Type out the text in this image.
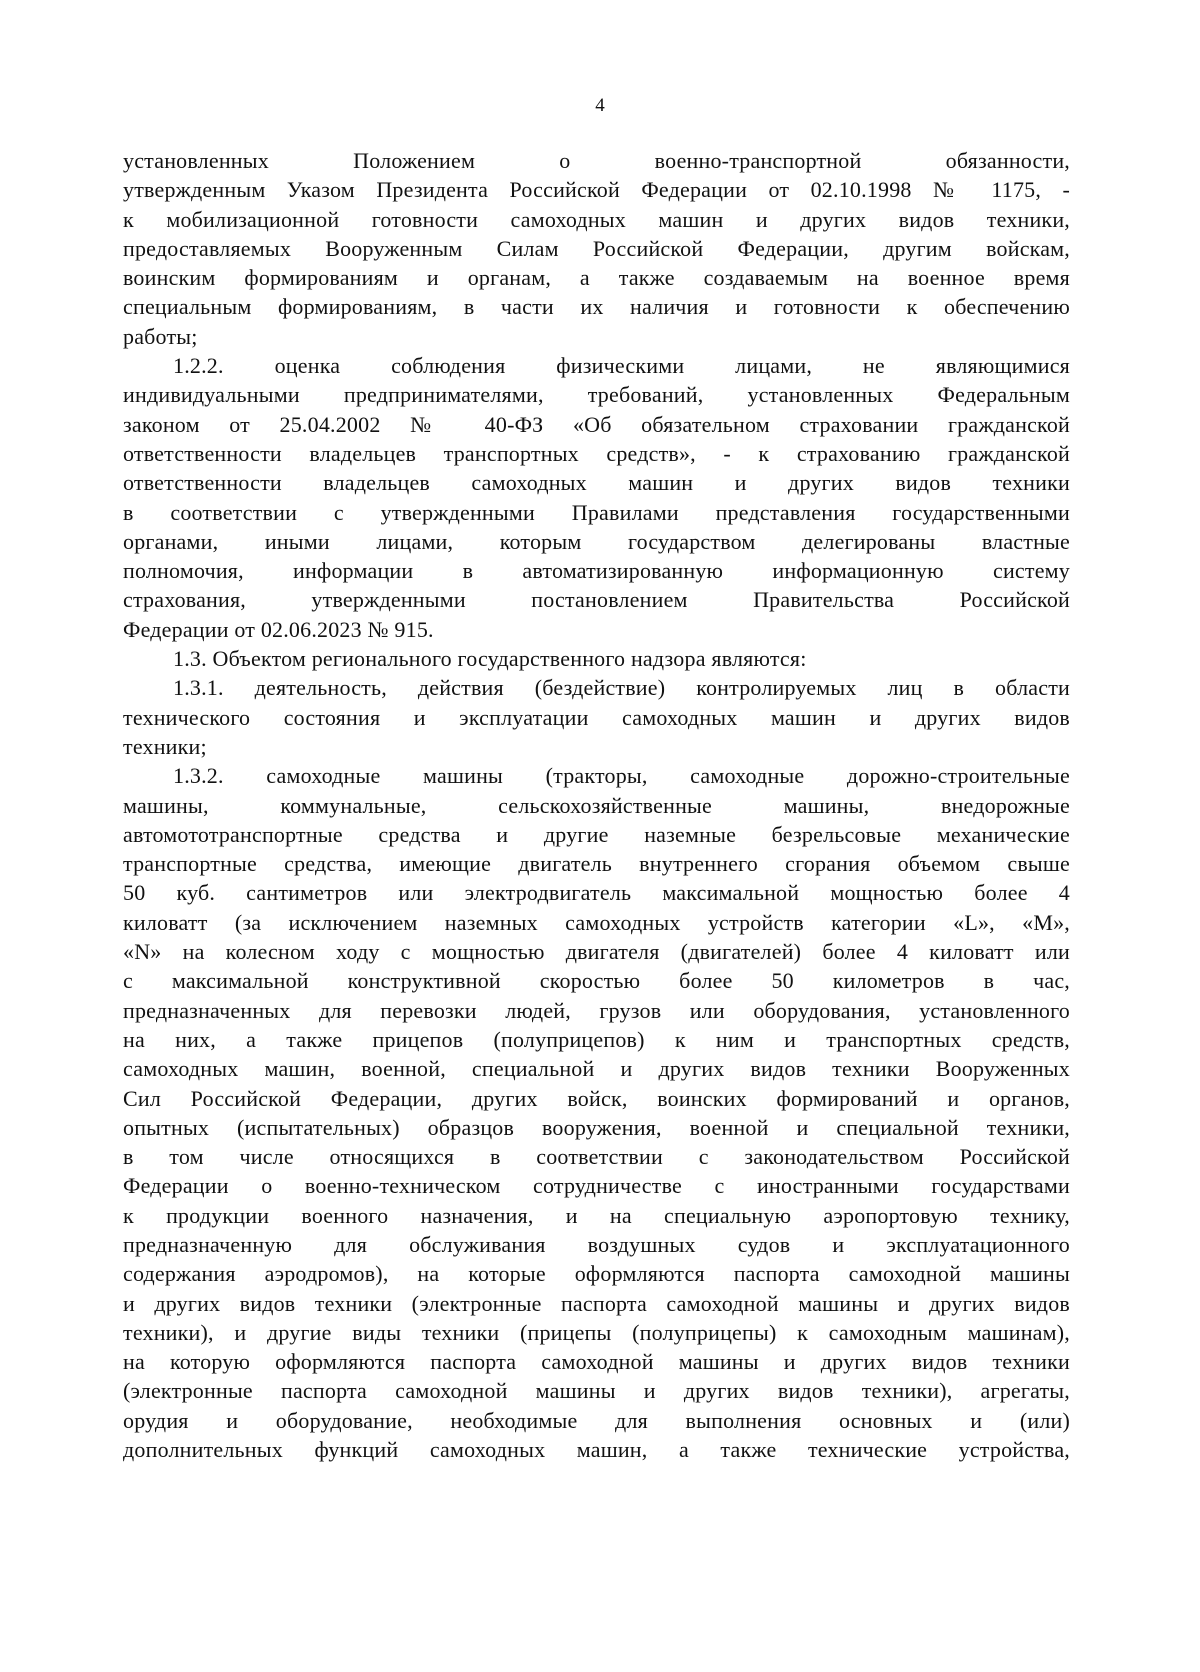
4
установленных Положением о военно-транспортной обязанности,
утвержденным Указом Президента Российской Федерации от 02.10.1998 № 1175, -
к мобилизационной готовности самоходных машин и других видов техники,
предоставляемых Вооруженным Силам Российской Федерации, другим войскам,
воинским формированиям и органам, а также создаваемым на военное время
специальным формированиям, в части их наличия и готовности к обеспечению
работы;
1.2.2. оценка соблюдения физическими лицами, не являющимися
индивидуальными предпринимателями, требований, установленных Федеральным
законом от 25.04.2002 № 40-ФЗ «Об обязательном страховании гражданской
ответственности владельцев транспортных средств», - к страхованию гражданской
ответственности владельцев самоходных машин и других видов техники
в соответствии с утвержденными Правилами представления государственными
органами, иными лицами, которым государством делегированы властные
полномочия, информации в автоматизированную информационную систему
страхования, утвержденными постановлением Правительства Российской
Федерации от 02.06.2023 № 915.
1.3. Объектом регионального государственного надзора являются:
1.3.1. деятельность, действия (бездействие) контролируемых лиц в области
технического состояния и эксплуатации самоходных машин и других видов
техники;
1.3.2. самоходные машины (тракторы, самоходные дорожно-строительные
машины, коммунальные, сельскохозяйственные машины, внедорожные
автомототранспортные средства и другие наземные безрельсовые механические
транспортные средства, имеющие двигатель внутреннего сгорания объемом свыше
50 куб. сантиметров или электродвигатель максимальной мощностью более 4
киловатт (за исключением наземных самоходных устройств категории «L», «M»,
«N» на колесном ходу с мощностью двигателя (двигателей) более 4 киловатт или
с максимальной конструктивной скоростью более 50 километров в час,
предназначенных для перевозки людей, грузов или оборудования, установленного
на них, а также прицепов (полуприцепов) к ним и транспортных средств,
самоходных машин, военной, специальной и других видов техники Вооруженных
Сил Российской Федерации, других войск, воинских формирований и органов,
опытных (испытательных) образцов вооружения, военной и специальной техники,
в том числе относящихся в соответствии с законодательством Российской
Федерации о военно-техническом сотрудничестве с иностранными государствами
к продукции военного назначения, и на специальную аэропортовую технику,
предназначенную для обслуживания воздушных судов и эксплуатационного
содержания аэродромов), на которые оформляются паспорта самоходной машины
и других видов техники (электронные паспорта самоходной машины и других видов
техники), и другие виды техники (прицепы (полуприцепы) к самоходным машинам),
на которую оформляются паспорта самоходной машины и других видов техники
(электронные паспорта самоходной машины и других видов техники), агрегаты,
орудия и оборудование, необходимые для выполнения основных и (или)
дополнительных функций самоходных машин, а также технические устройства,
